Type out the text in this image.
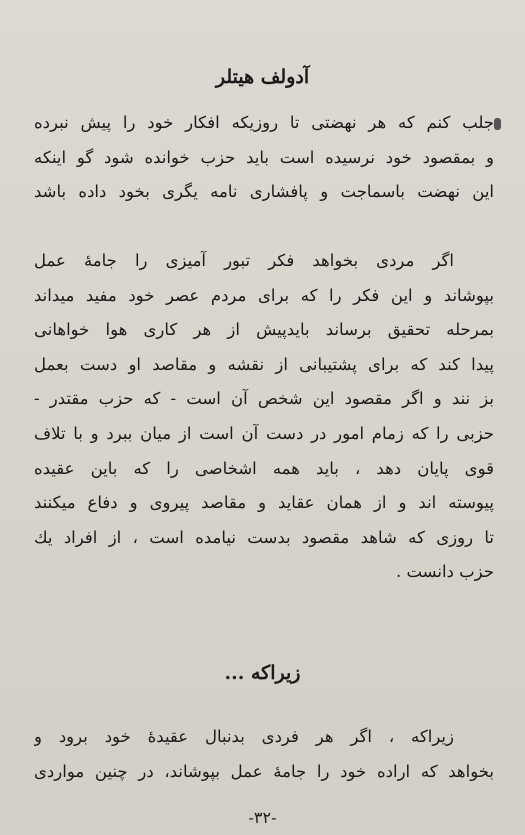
آدولف هیتلر
جلب کنم که هر نهضتی تا روزیکه افکار خود را پیش نبرده
و بمقصود خود نرسیده است باید حزب خوانده شود گو اینکه
این نهضت باسماجت و پافشاری نامه یگری بخود داده باشد
اگر مردی بخواهد فکر تبور آمیزی را جامهٔ عمل
بپوشاند و این فکر را که برای مردم عصر خود مفید میداند
بمرحله تحقیق برساند بایدپیش از هر کاری هوا خواهانی
پیدا کند که برای پشتیبانی از نقشه و مقاصد او دست بعمل
بز نند و اگر مقصود این شخص آن است - که حزب مقتدر -
حزبی را که زمام امور در دست آن است از میان ببرد و با تلاف
قوی پایان دهد ، باید همه اشخاصی را که باین عقیده
پیوسته اند و از همان عقاید و مقاصد پیروی و دفاع میکنند
تا روزی که شاهد مقصود بدست نیامده است ، از افراد یك
حزب دانست .
زیراکه ...
زیراکه ، اگر هر فردی بدنبال عقیدهٔ خود برود و
بخواهد که اراده خود را جامهٔ عمل بپوشاند، در چنین مواردی
-۳۲-
